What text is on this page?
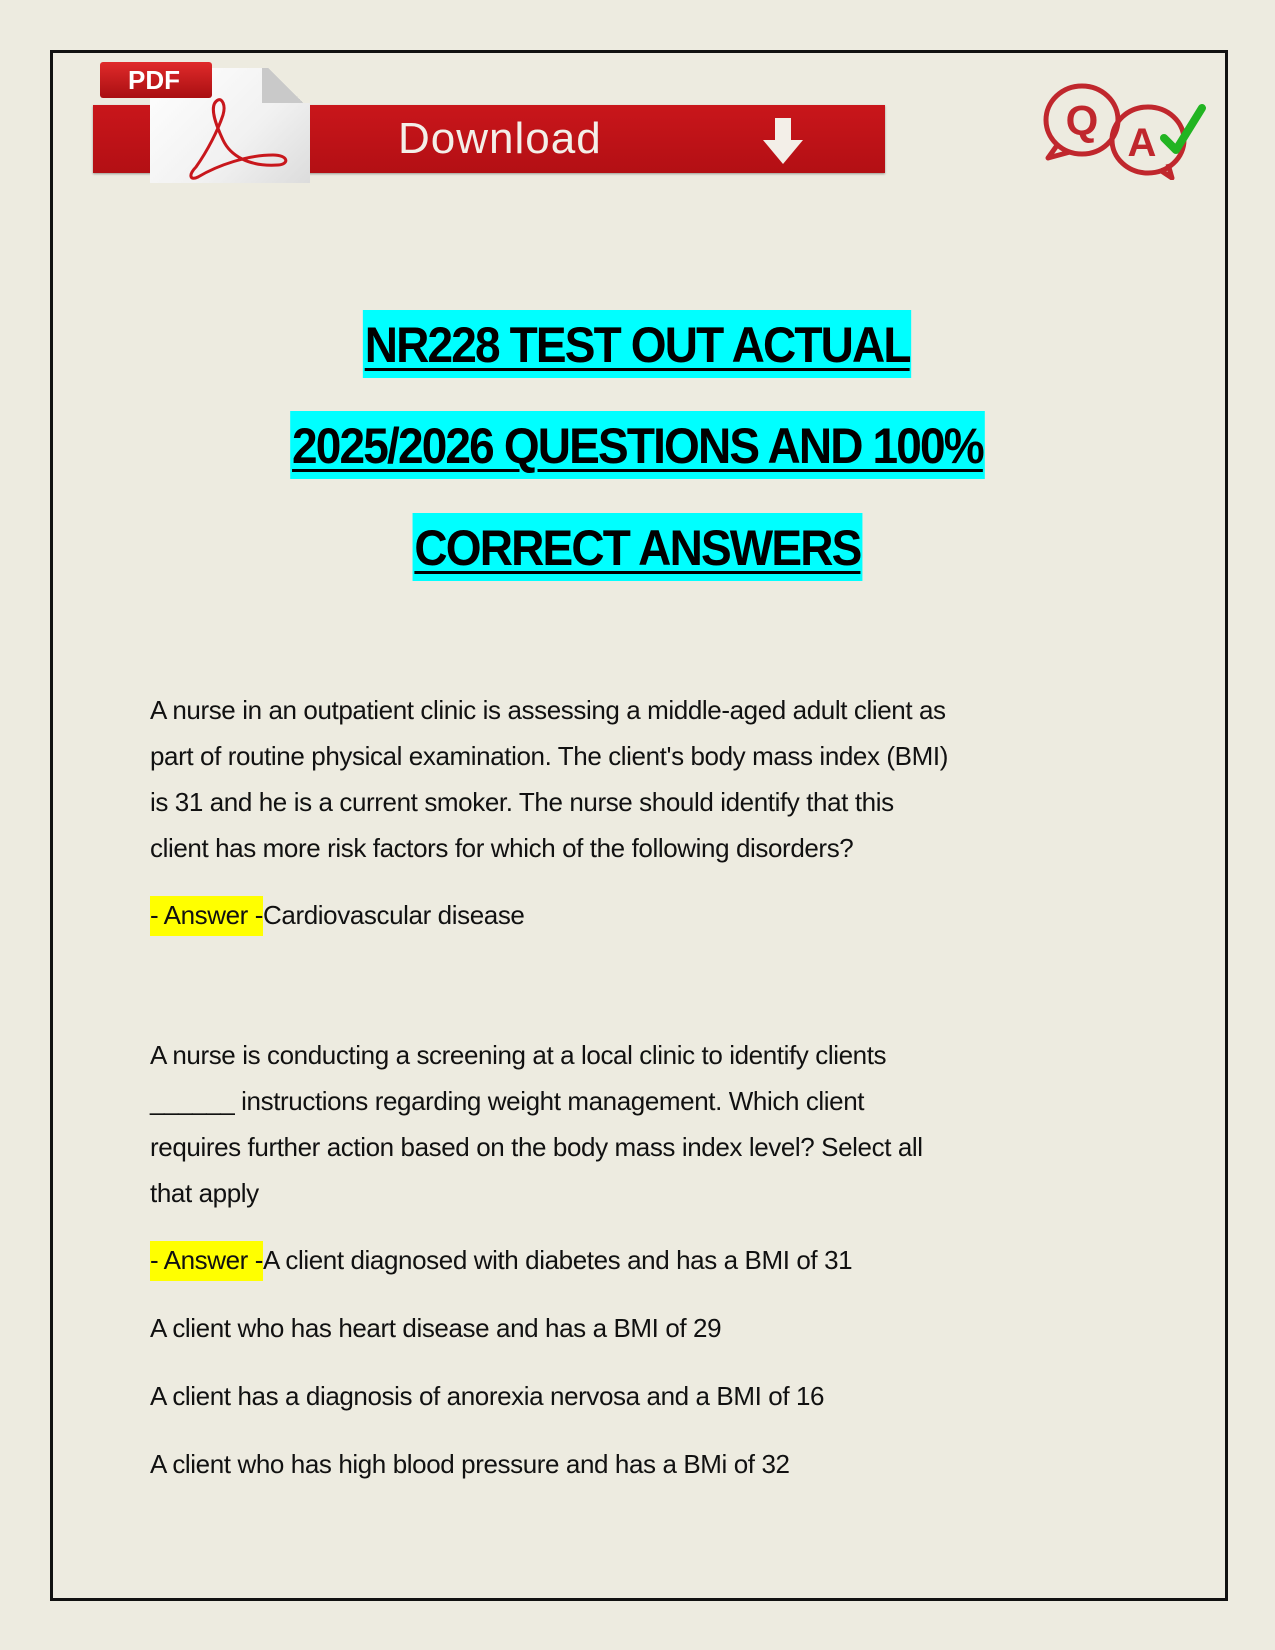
Download
PDF
Q A
NR228 TEST OUT ACTUAL
2025/2026 QUESTIONS AND 100%
CORRECT ANSWERS
A nurse in an outpatient clinic is assessing a middle-aged adult client as
part of routine physical examination. The client's body mass index (BMI)
is 31 and he is a current smoker. The nurse should identify that this
client has more risk factors for which of the following disorders?
- Answer -Cardiovascular disease
A nurse is conducting a screening at a local clinic to identify clients
______ instructions regarding weight management. Which client
requires further action based on the body mass index level? Select all
that apply
- Answer -A client diagnosed with diabetes and has a BMI of 31
A client who has heart disease and has a BMI of 29
A client has a diagnosis of anorexia nervosa and a BMI of 16
A client who has high blood pressure and has a BMi of 32
